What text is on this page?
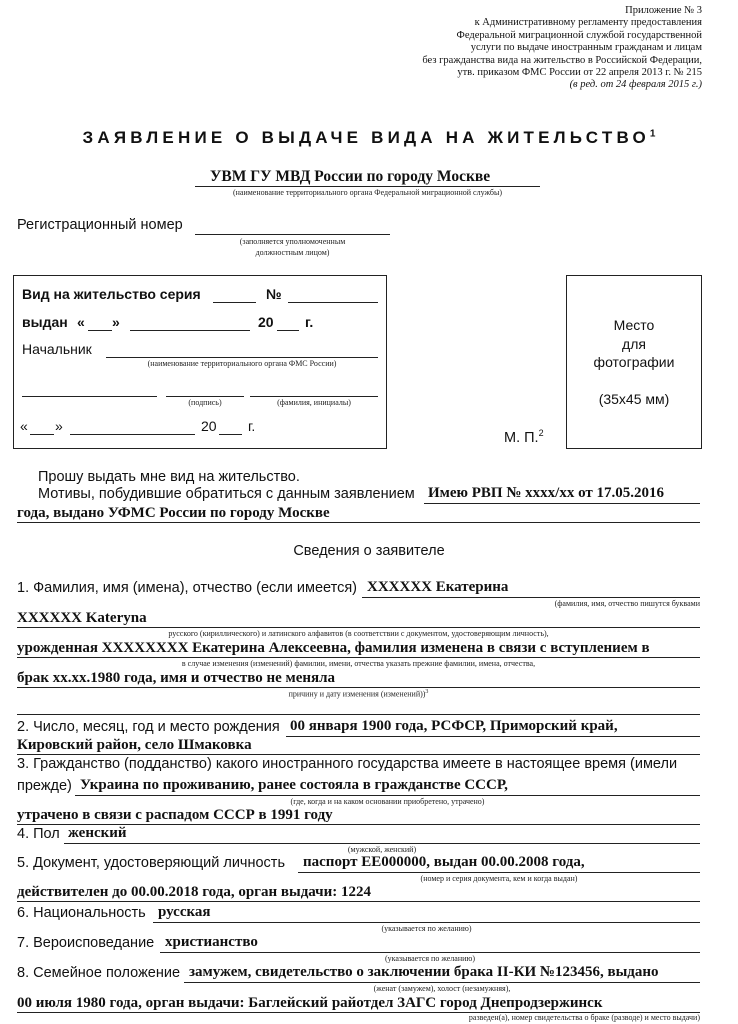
Приложение № 3
к Административному регламенту предоставления
Федеральной миграционной службой государственной
услуги по выдаче иностранным гражданам и лицам
без гражданства вида на жительство в Российской Федерации,
утв. приказом ФМС России от 22 апреля 2013 г. № 215
(в ред. от 24 февраля 2015 г.)
ЗАЯВЛЕНИЕ О ВЫДАЧЕ ВИДА НА ЖИТЕЛЬСТВО$^1$
УВМ ГУ МВД России по городу Москве
(наименование территориального органа Федеральной миграционной службы)
Регистрационный номер
(заполняется уполномоченным
должностным лицом)
Вид на жительство серия	№
выдан « »	20 г.
Начальник
(наименование территориального органа ФМС России)
(подпись)	(фамилия, инициалы)
« »	20 г.
М. П.$^2$
Место
для
фотографии
(35х45 мм)
Прошу выдать мне вид на жительство.
Мотивы, побудившие обратиться с данным заявлением Имею РВП № хххх/хх от 17.05.2016
года, выдано УФМС России по городу Москве
Сведения о заявителе
1. Фамилия, имя (имена), отчество (если имеется) XXXXXX Екатерина
(фамилия, имя, отчество пишутся буквами
XXXXXX Kateryna
русского (кириллического) и латинского алфавитов (в соответствии с документом, удостоверяющим личность),
урожденная XXXXXXXX Екатерина Алексеевна, фамилия изменена в связи с вступлением в
в случае изменения (изменений) фамилии, имени, отчества указать прежние фамилии, имена, отчества,
брак хх.хх.1980 года, имя и отчество не меняла
причину и дату изменения (изменений))$^3$
2. Число, месяц, год и место рождения 00 января 1900 года, РСФСР, Приморский край,
Кировский район, село Шмаковка
3. Гражданство (подданство) какого иностранного государства имеете в настоящее время (имели
прежде) Украина по проживанию, ранее состояла в гражданстве СССР,
(где, когда и на каком основании приобретено, утрачено)
утрачено в связи с распадом СССР в 1991 году
4. Пол женский
(мужской, женский)
5. Документ, удостоверяющий личность паспорт ЕЕ000000, выдан 00.00.2008 года,
(номер и серия документа, кем и когда выдан)
действителен до 00.00.2018 года, орган выдачи: 1224
6. Национальность русская
(указывается по желанию)
7. Вероисповедание христианство
(указывается по желанию)
8. Семейное положение замужем, свидетельство о заключении брака II-КИ №123456, выдано
(женат (замужем), холост (незамужняя),
00 июля 1980 года, орган выдачи: Баглейский райотдел ЗАГС город Днепродзержинск
разведен(а), номер свидетельства о браке (разводе) и место выдачи)
